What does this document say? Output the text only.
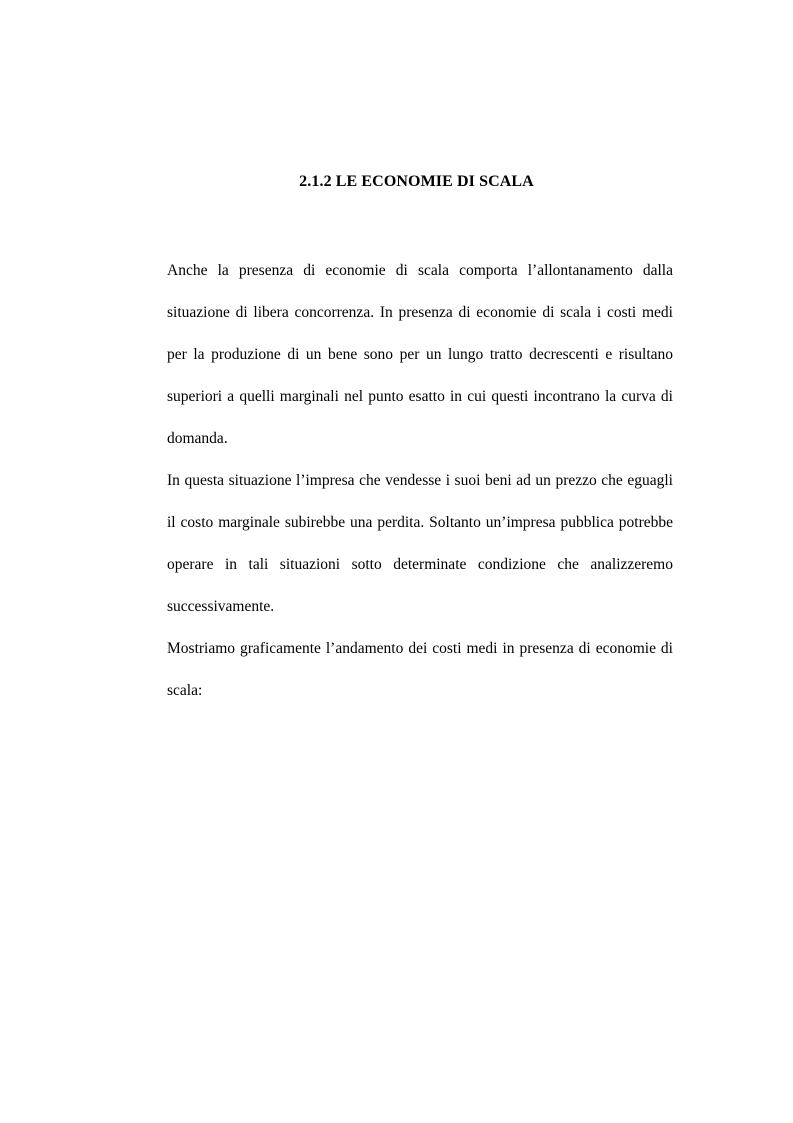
2.1.2 LE ECONOMIE DI SCALA

Anche la presenza di economie di scala comporta l’allontanamento dalla situazione di libera concorrenza. In presenza di economie di scala i costi medi per la produzione di un bene sono per un lungo tratto decrescenti e risultano superiori a quelli marginali nel punto esatto in cui questi incontrano la curva di domanda.

In questa situazione l’impresa che vendesse i suoi beni ad un prezzo che eguagli il costo marginale subirebbe una perdita. Soltanto un’impresa pubblica potrebbe operare in tali situazioni sotto determinate condizione che analizzeremo successivamente.

Mostriamo graficamente l’andamento dei costi medi in presenza di economie di scala:
